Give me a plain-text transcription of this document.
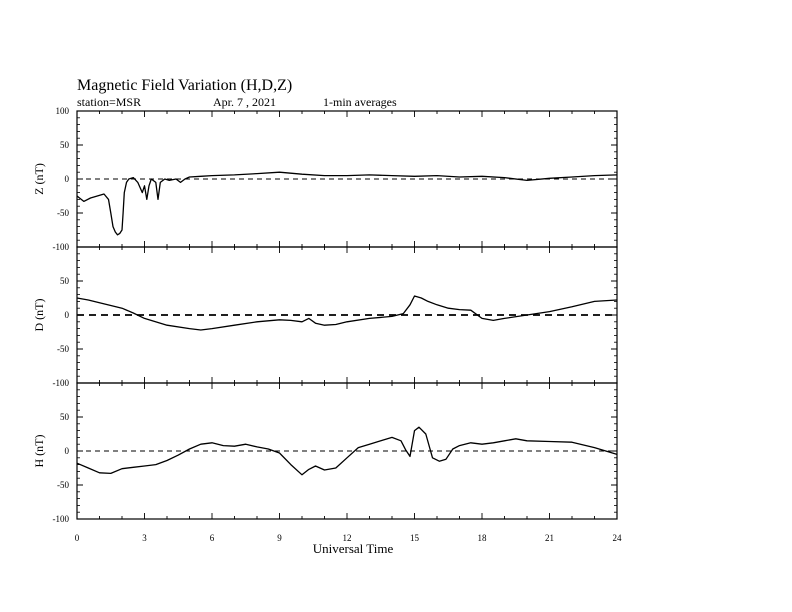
Magnetic Field Variation (H,D,Z)
station=MSR	Apr. 7 , 2021	1-min averages
100
50
0
-50
-100
Z (nT)
50
0
-50
-100
D (nT)
50
0
-50
-100
H (nT)
0	3	6	9	12	15	18	21	24
Universal Time
